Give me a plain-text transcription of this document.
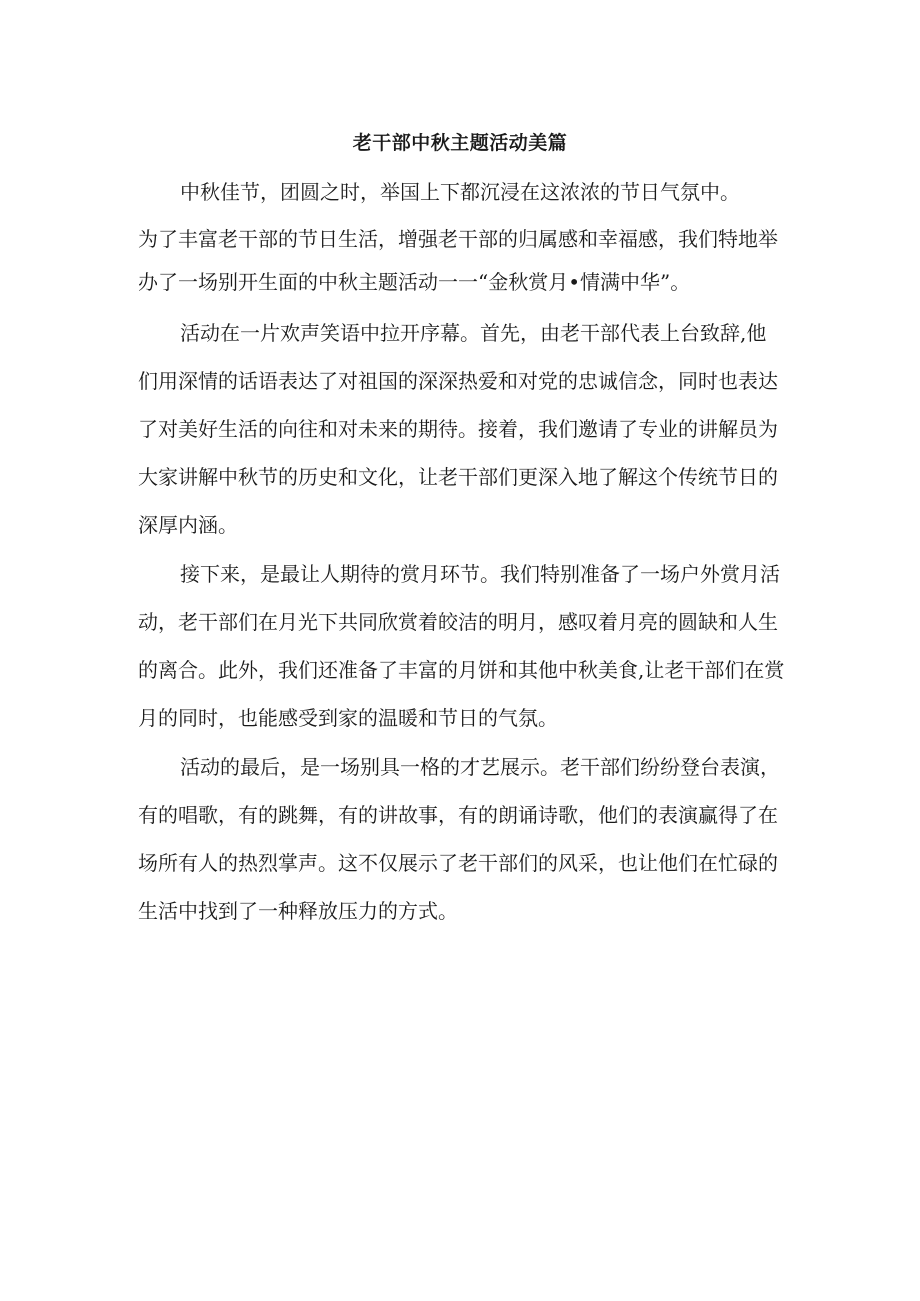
老干部中秋主题活动美篇

中秋佳节，团圆之时，举国上下都沉浸在这浓浓的节日气氛中。

为了丰富老干部的节日生活，增强老干部的归属感和幸福感，我们特地举

办了一场别开生面的中秋主题活动一一“金秋赏月•情满中华”。

活动在一片欢声笑语中拉开序幕。首先，由老干部代表上台致辞,他

们用深情的话语表达了对祖国的深深热爱和对党的忠诚信念，同时也表达

了对美好生活的向往和对未来的期待。接着，我们邀请了专业的讲解员为

大家讲解中秋节的历史和文化，让老干部们更深入地了解这个传统节日的

深厚内涵。

接下来，是最让人期待的赏月环节。我们特别准备了一场户外赏月活

动，老干部们在月光下共同欣赏着皎洁的明月，感叹着月亮的圆缺和人生

的离合。此外，我们还准备了丰富的月饼和其他中秋美食,让老干部们在赏

月的同时，也能感受到家的温暖和节日的气氛。

活动的最后，是一场别具一格的才艺展示。老干部们纷纷登台表演，

有的唱歌，有的跳舞，有的讲故事，有的朗诵诗歌，他们的表演赢得了在

场所有人的热烈掌声。这不仅展示了老干部们的风采，也让他们在忙碌的

生活中找到了一种释放压力的方式。
